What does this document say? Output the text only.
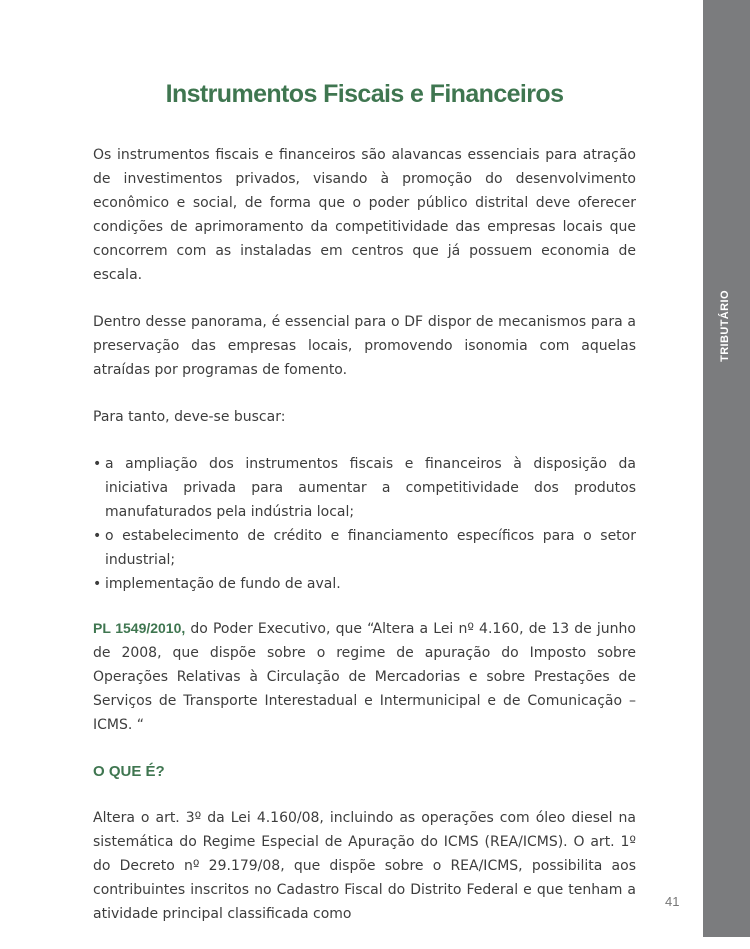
TRIBUTÁRIO
Instrumentos Fiscais e Financeiros

Os instrumentos fiscais e financeiros são alavancas essenciais para atração de investimentos privados, visando à promoção do desenvolvimento econômico e social, de forma que o poder público distrital deve oferecer condições de aprimoramento da competitividade das empresas locais que concorrem com as instaladas em centros que já possuem economia de escala.

Dentro desse panorama, é essencial para o DF dispor de mecanismos para a preservação das empresas locais, promovendo isonomia com aquelas atraídas por programas de fomento.

Para tanto, deve-se buscar:

• a ampliação dos instrumentos fiscais e financeiros à disposição da iniciativa privada para aumentar a competitividade dos produtos manufaturados pela indústria local;
• o estabelecimento de crédito e financiamento específicos para o setor industrial;
• implementação de fundo de aval.

PL 1549/2010, do Poder Executivo, que “Altera a Lei nº 4.160, de 13 de junho de 2008, que dispõe sobre o regime de apuração do Imposto sobre Operações Relativas à Circulação de Mercadorias e sobre Prestações de Serviços de Transporte Interestadual e Intermunicipal e de Comunicação – ICMS. “

O QUE É?

Altera o art. 3º da Lei 4.160/08, incluindo as operações com óleo diesel na sistemática do Regime Especial de Apuração do ICMS (REA/ICMS). O art. 1º do Decreto nº 29.179/08, que dispõe sobre o REA/ICMS, possibilita aos contribuintes inscritos no Cadastro Fiscal do Distrito Federal e que tenham a atividade principal classificada como

41
